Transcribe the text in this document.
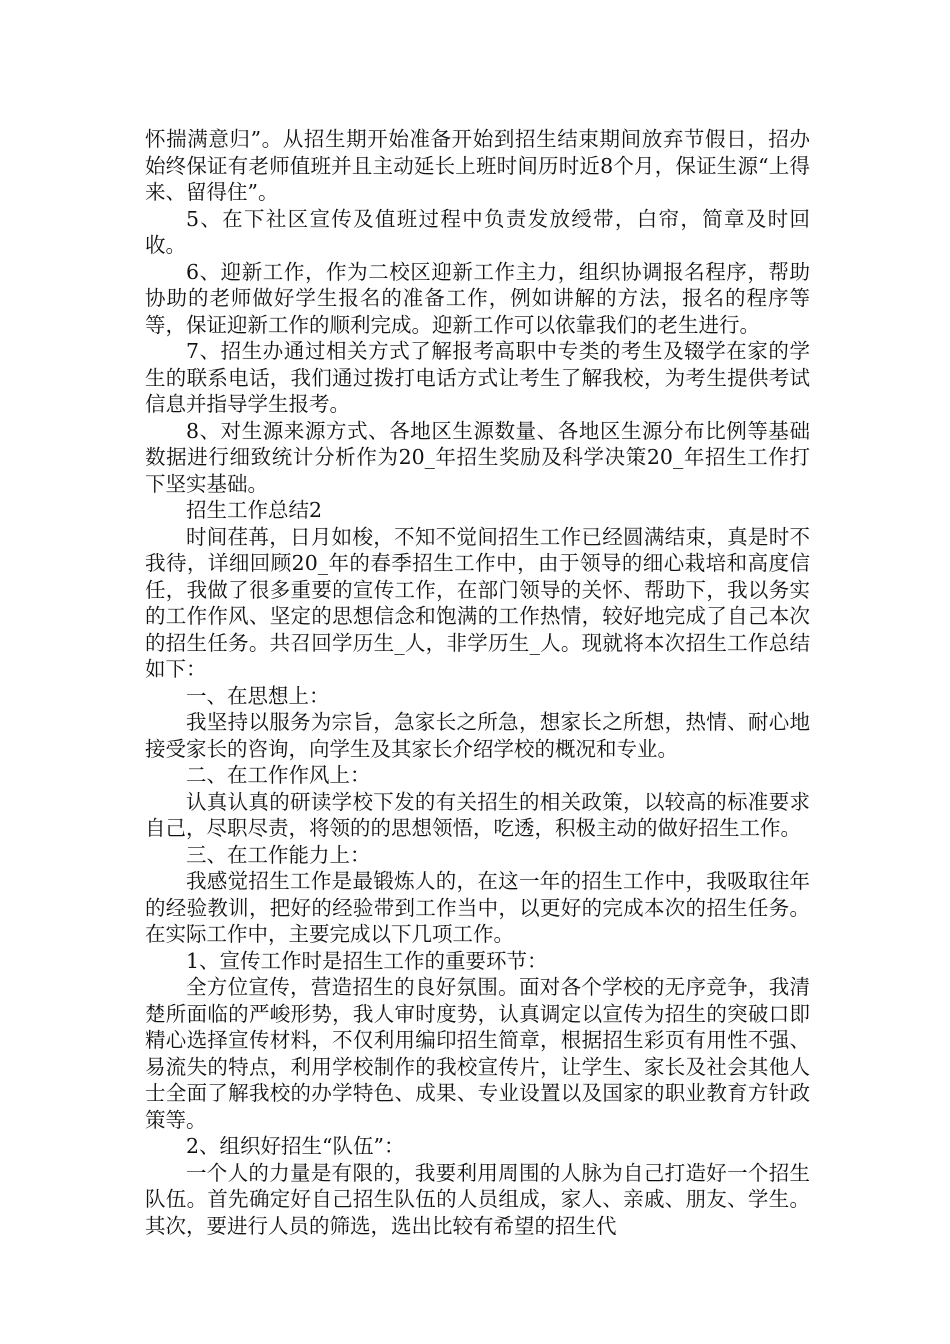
怀揣满意归”。从招生期开始准备开始到招生结束期间放弃节假日，招办始终保证有老师值班并且主动延长上班时间历时近8个月，保证生源“上得来、留得住”。

5、在下社区宣传及值班过程中负责发放绶带，白帘，简章及时回收。

6、迎新工作，作为二校区迎新工作主力，组织协调报名程序，帮助协助的老师做好学生报名的准备工作，例如讲解的方法，报名的程序等等，保证迎新工作的顺利完成。迎新工作可以依靠我们的老生进行。

7、招生办通过相关方式了解报考高职中专类的考生及辍学在家的学生的联系电话，我们通过拨打电话方式让考生了解我校，为考生提供考试信息并指导学生报考。

8、对生源来源方式、各地区生源数量、各地区生源分布比例等基础数据进行细致统计分析作为20_年招生奖励及科学决策20_年招生工作打下坚实基础。

招生工作总结2

时间荏苒，日月如梭，不知不觉间招生工作已经圆满结束，真是时不我待，详细回顾20_年的春季招生工作中，由于领导的细心栽培和高度信任，我做了很多重要的宣传工作，在部门领导的关怀、帮助下，我以务实的工作作风、坚定的思想信念和饱满的工作热情，较好地完成了自己本次的招生任务。共召回学历生_人，非学历生_人。现就将本次招生工作总结如下：

一、在思想上：

我坚持以服务为宗旨，急家长之所急，想家长之所想，热情、耐心地接受家长的咨询，向学生及其家长介绍学校的概况和专业。

二、在工作作风上：

认真认真的研读学校下发的有关招生的相关政策，以较高的标准要求自己，尽职尽责，将领的的思想领悟，吃透，积极主动的做好招生工作。

三、在工作能力上：

我感觉招生工作是最锻炼人的，在这一年的招生工作中，我吸取往年的经验教训，把好的经验带到工作当中，以更好的完成本次的招生任务。在实际工作中，主要完成以下几项工作。

1、宣传工作时是招生工作的重要环节：

全方位宣传，营造招生的良好氛围。面对各个学校的无序竞争，我清楚所面临的严峻形势，我人审时度势，认真调定以宣传为招生的突破口即精心选择宣传材料，不仅利用编印招生简章，根据招生彩页有用性不强、易流失的特点，利用学校制作的我校宣传片，让学生、家长及社会其他人士全面了解我校的办学特色、成果、专业设置以及国家的职业教育方针政策等。

2、组织好招生“队伍”：

一个人的力量是有限的，我要利用周围的人脉为自己打造好一个招生队伍。首先确定好自己招生队伍的人员组成，家人、亲戚、朋友、学生。其次，要进行人员的筛选，选出比较有希望的招生代
